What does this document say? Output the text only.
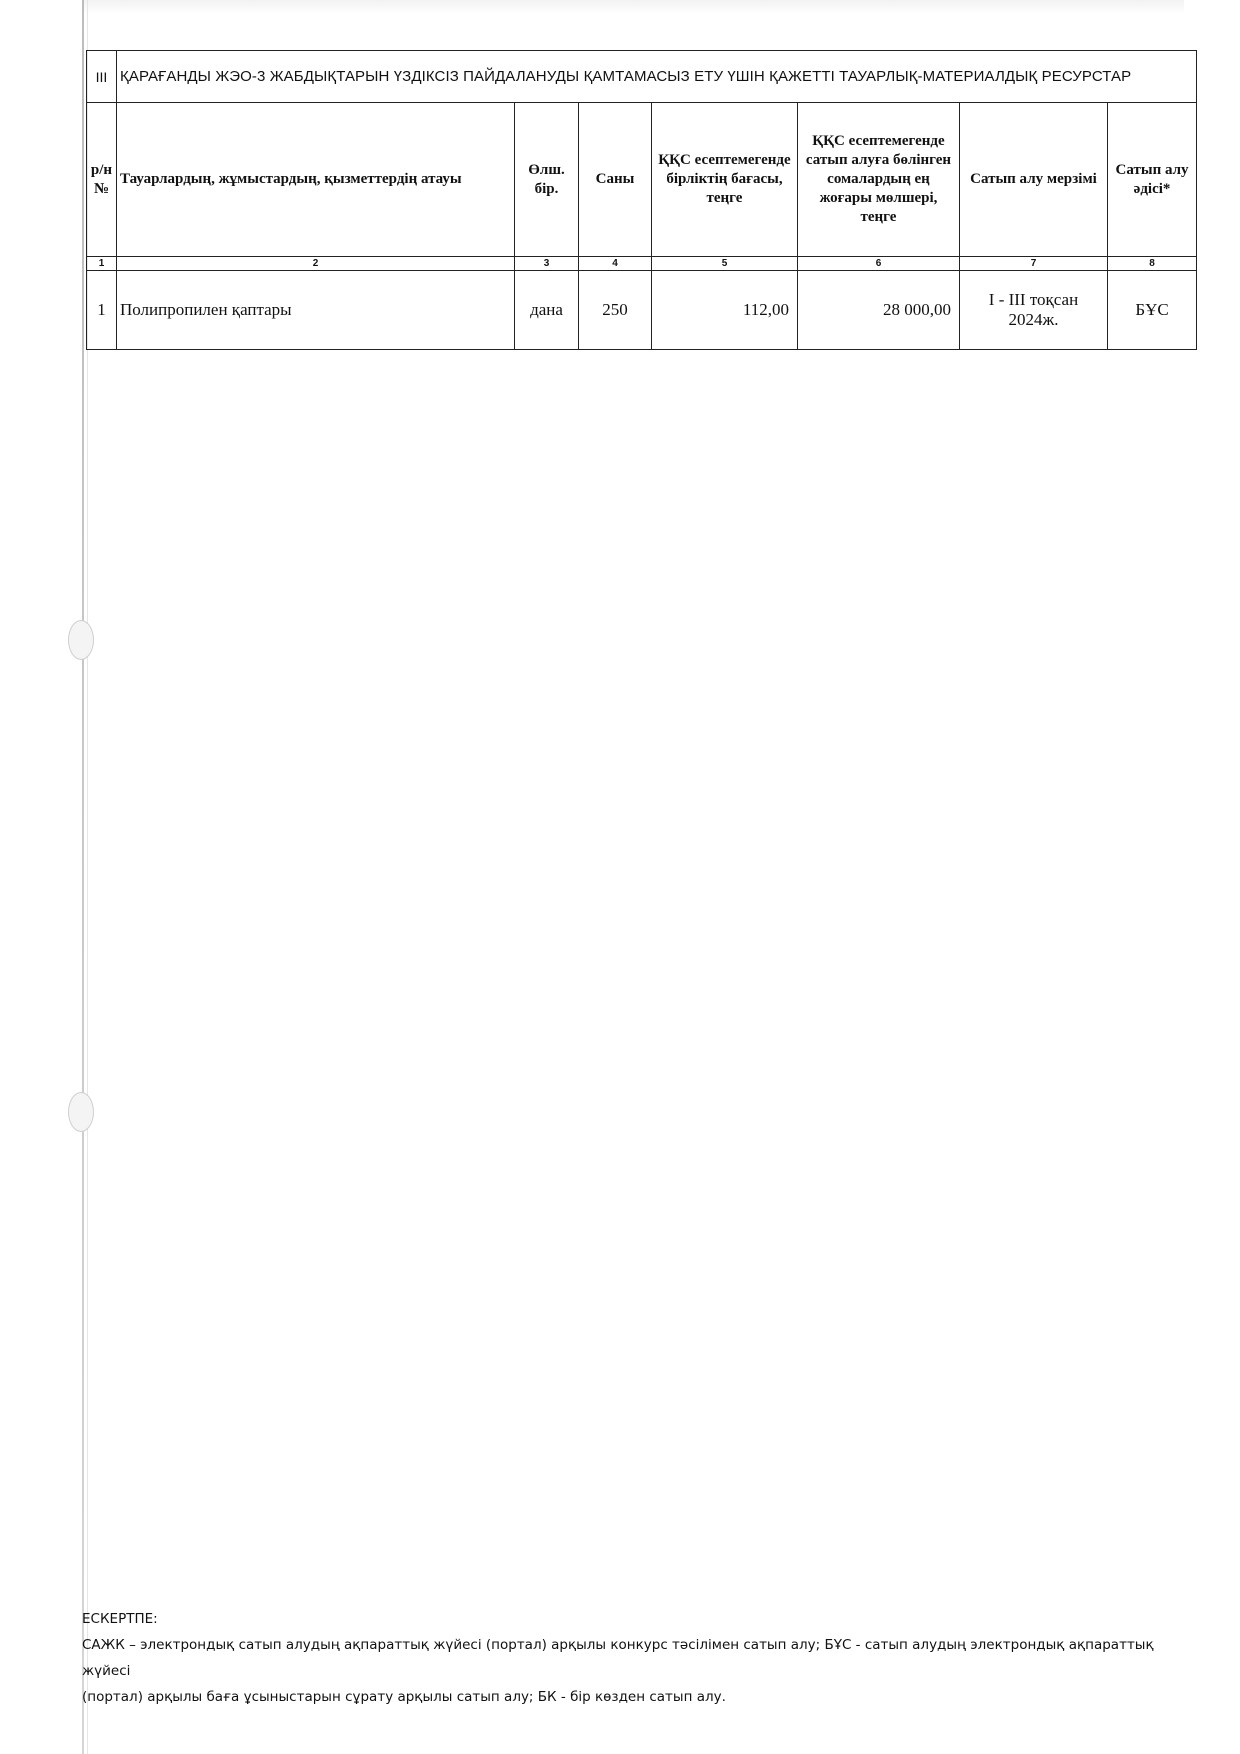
III	ҚАРАҒАНДЫ ЖЭО-3 ЖАБДЫҚТАРЫН ҮЗДІКСІЗ ПАЙДАЛАНУДЫ ҚАМТАМАСЫЗ ЕТУ ҮШІН ҚАЖЕТТІ ТАУАРЛЫҚ-МАТЕРИАЛДЫҚ РЕСУРСТАР						
р/н №	Тауарлардың, жұмыстардың, қызметтердің атауы	Өлш. бір.	Саны	ҚҚС есептемегенде бірліктің бағасы, теңге	ҚҚС есептемегенде сатып алуға бөлінген сомалардың ең жоғары мөлшері, теңге	Сатып алу мерзімі	Сатып алу әдісі*
1	2	3	4	5	6	7	8
1	Полипропилен қаптары	дана	250	112,00	28 000,00	I - III тоқсан 2024ж.	БҰС
ЕСКЕРТПЕ:
САЖК – электрондық сатып алудың ақпараттық жүйесі (портал) арқылы конкурс тәсілімен сатып алу; БҰС - сатып алудың электрондық ақпараттық жүйесі
(портал) арқылы баға ұсыныстарын сұрату арқылы сатып алу; БК - бір көзден сатып алу.
